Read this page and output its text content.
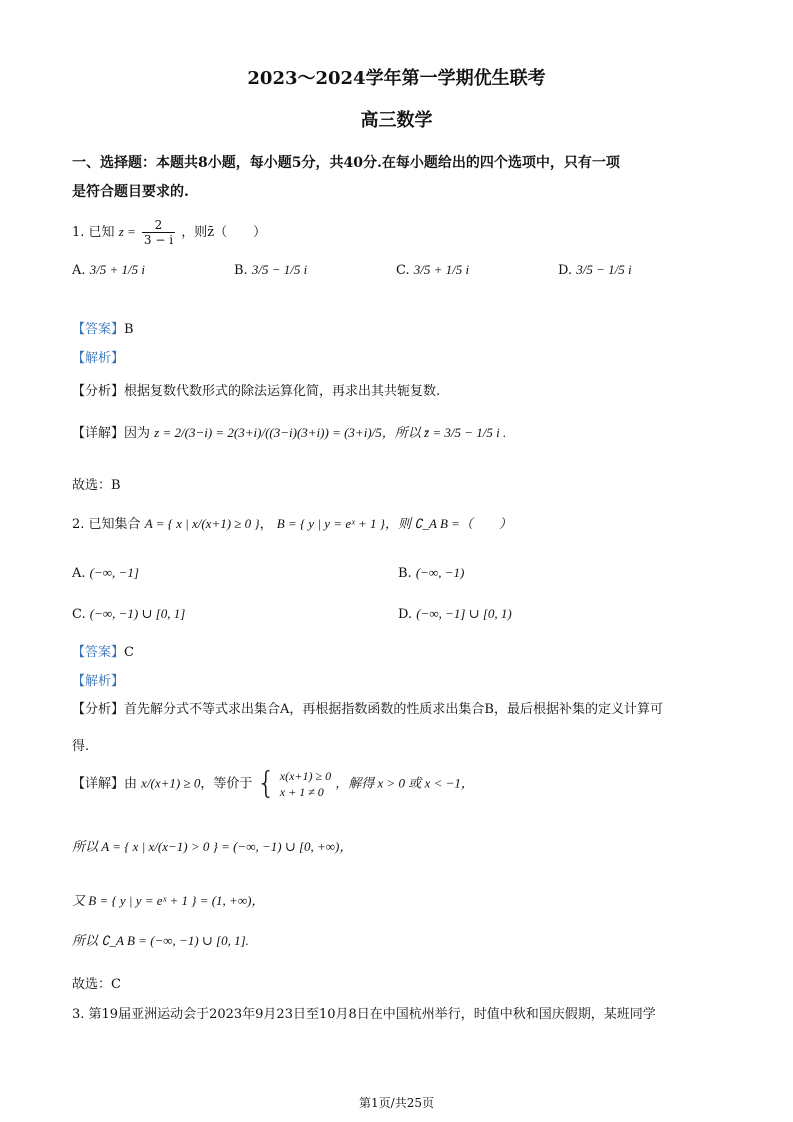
2023～2024学年第一学期优生联考
高三数学
一、选择题：本题共8小题，每小题5分，共40分.在每小题给出的四个选项中，只有一项
是符合题目要求的.
1. 已知 $z = \frac{2}{3 - i}$ ，则z̄（　　）
A. 3/5 + 1/5 i	B. 3/5 − 1/5 i	C. 3/5 + 1/5 i	D. 3/5 − 1/5 i
【答案】B
【解析】
【分析】根据复数代数形式的除法运算化简，再求出其共轭复数.
【详解】因为 z = 2/(3−i) = 2(3+i)/((3−i)(3+i)) = (3+i)/5，所以 z̄ = 3/5 − 1/5 i .
故选：B
2. 已知集合 A = { x | x/(x+1) ≥ 0 }， B = { y | y = eˣ + 1 }，则 ∁_A B =（　　）
A. (−∞, −1]	B. (−∞, −1)
C. (−∞, −1) ∪ [0, 1]	D. (−∞, −1] ∪ [0, 1)
【答案】C
【解析】
【分析】首先解分式不等式求出集合A，再根据指数函数的性质求出集合B，最后根据补集的定义计算可
得.
【详解】由 x/(x+1) ≥ 0，等价于 { x(x+1) ≥ 0
x + 1 ≠ 0
，解得 x > 0 或 x < −1，
所以 A = { x | x/(x−1) > 0 } = (−∞, −1) ∪ [0, +∞)，
又 B = { y | y = eˣ + 1 } = (1, +∞)，
所以 ∁_A B = (−∞, −1) ∪ [0, 1].
故选：C
3. 第19届亚洲运动会于2023年9月23日至10月8日在中国杭州举行，时值中秋和国庆假期，某班同学
第1页/共25页
